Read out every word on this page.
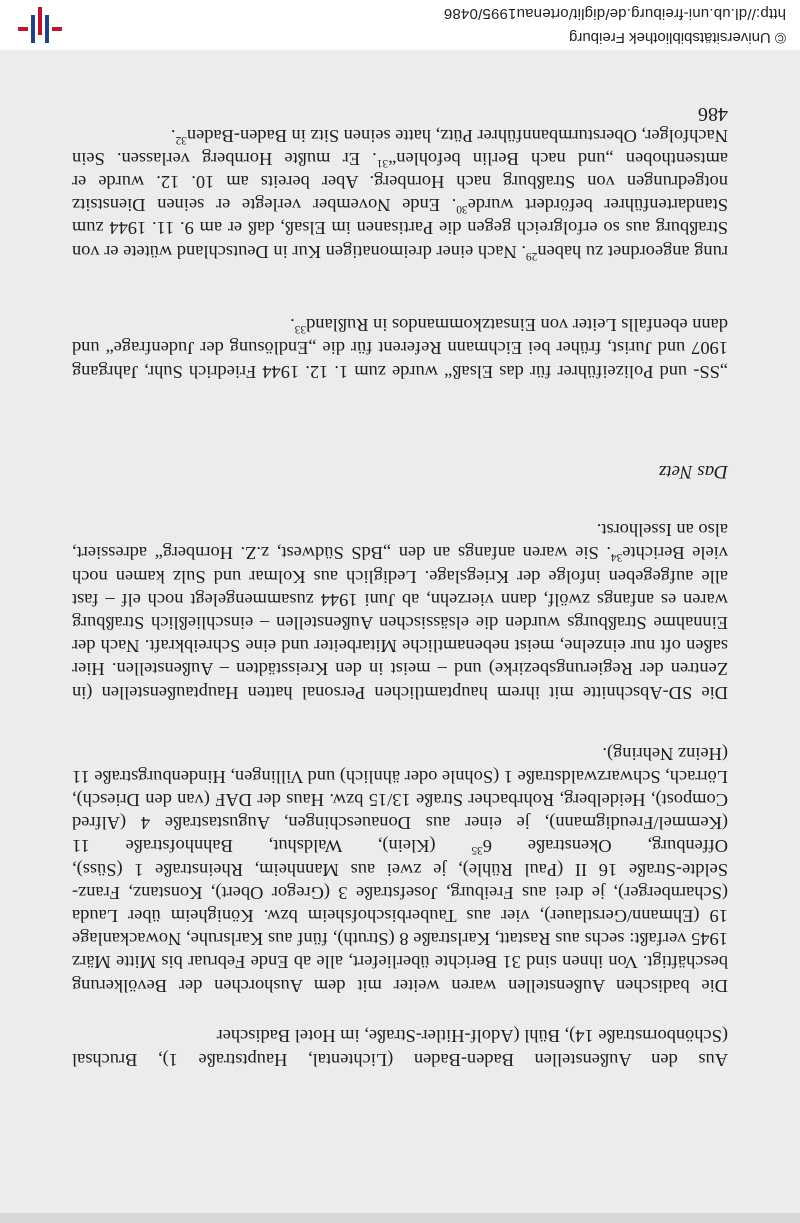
Aus den Außenstellen Baden-Baden (Lichtental, Hauptstraße 1), Bruchsal (Schönbornstraße 14), Bühl (Adolf-Hitler-Straße, im Hotel Badischer

Die badischen Außenstellen waren weiter mit dem Aushorchen der Bevölkerung beschäftigt. Von ihnen sind 31 Berichte überliefert, alle ab Ende Februar bis Mitte März 1945 verfaßt: sechs aus Rastatt, Karlstraße 8 (Struth), fünf aus Karlsruhe, Nowackanlage 19 (Ehmann/Gerstlauer), vier aus Tauberbischofsheim bzw. Königheim über Lauda (Scharnberger), je drei aus Freiburg, Josefstraße 3 (Gregor Obert), Konstanz, Franz-Seldte-Straße 16 II (Paul Rühle), je zwei aus Mannheim, Rheinstraße 1 (Süss), Offenburg, Okenstraße $6^{35}$ (Klein), Waldshut, Bahnhofstraße 11 (Kemmel/Freudigmann), je einer aus Donaueschingen, Augustastraße 4 (Alfred Compost), Heidelberg, Rohrbacher Straße 13/15 bzw. Haus der DAF (van den Driesch), Lörrach, Schwarzwaldstraße 1 (Sohnle oder ähnlich) und Villingen, Hindenburgstraße 11 (Heinz Nehring).

Die SD-Abschnitte mit ihrem hauptamtlichen Personal hatten Hauptaußenstellen (in Zentren der Regierungsbezirke) und – meist in den Kreisstädten – Außenstellen. Hier saßen oft nur einzelne, meist nebenamtliche Mitarbeiter und eine Schreibkraft. Nach der Einnahme Straßburgs wurden die elsässischen Außenstellen – einschließlich Straßburg waren es anfangs zwölf, dann vierzehn, ab Juni 1944 zusammengelegt noch elf – fast alle aufgegeben infolge der Kriegslage. Lediglich aus Kolmar und Sulz kamen noch viele Berichte$^{34}$. Sie waren anfangs an den „BdS Südwest, z.Z. Hornberg“ adressiert, also an Isselhorst.

Das Netz

„SS- und Polizeiführer für das Elsaß“ wurde zum 1. 12. 1944 Friedrich Suhr, Jahrgang 1907 und Jurist, früher bei Eichmann Referent für die „Endlösung der Judenfrage“ und dann ebenfalls Leiter von Einsatzkommandos in Rußland$^{33}$.

rung angeordnet zu haben$^{29}$. Nach einer dreimonatigen Kur in Deutschland wütete er von Straßburg aus so erfolgreich gegen die Partisanen im Elsaß, daß er am 9. 11. 1944 zum Standartenführer befördert wurde$^{30}$. Ende November verlegte er seinen Dienstsitz notgedrungen von Straßburg nach Hornberg. Aber bereits am 10. 12. wurde er amtsenthoben „und nach Berlin befohlen“$^{31}$. Er mußte Hornberg verlassen. Sein Nachfolger, Obersturmbannführer Pütz, hatte seinen Sitz in Baden-Baden$^{32}$.

486
© Universitätsbibliothek Freiburg
http://dl.ub.uni-freiburg.de/diglit/ortenau1995/0486
